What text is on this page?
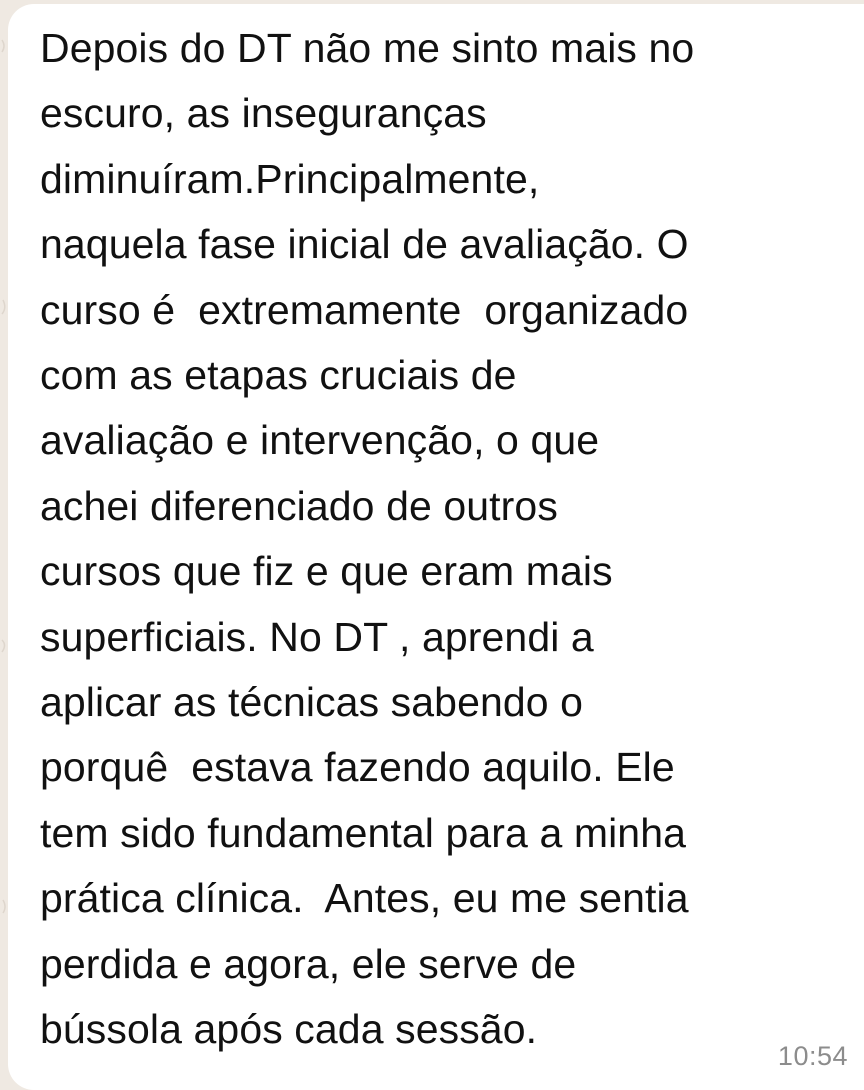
Depois do DT não me sinto mais no
escuro, as inseguranças
diminuíram.Principalmente,
naquela fase inicial de avaliação. O
curso é  extremamente  organizado
com as etapas cruciais de
avaliação e intervenção, o que
achei diferenciado de outros
cursos que fiz e que eram mais
superficiais. No DT , aprendi a
aplicar as técnicas sabendo o
porquê  estava fazendo aquilo. Ele
tem sido fundamental para a minha
prática clínica.  Antes, eu me sentia
perdida e agora, ele serve de
bússola após cada sessão.

10:54
